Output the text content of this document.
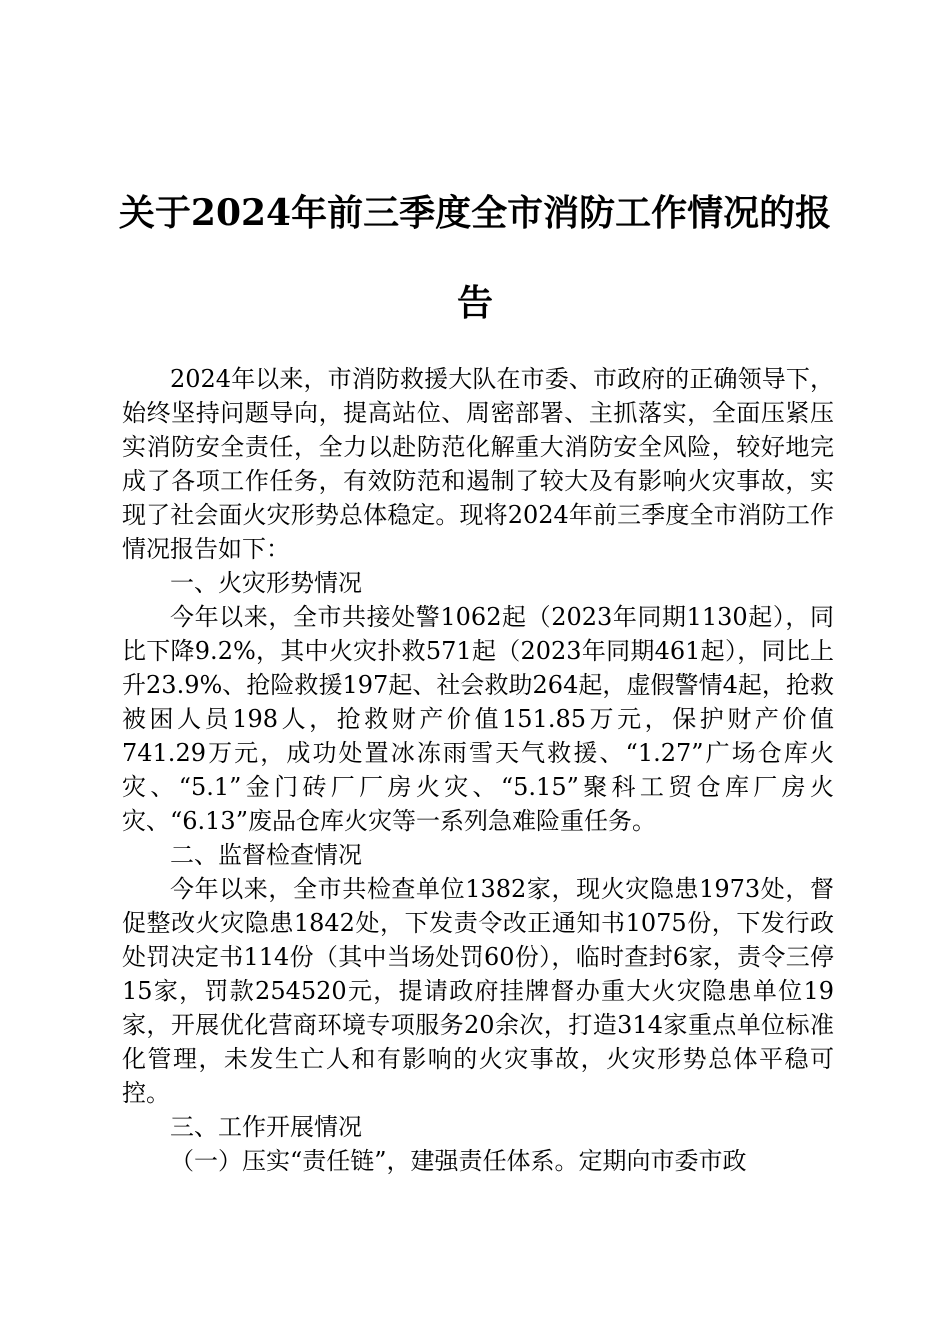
关于2024年前三季度全市消防工作情况的报告

2024年以来，市消防救援大队在市委、市政府的正确领导下，始终坚持问题导向，提高站位、周密部署、主抓落实，全面压紧压实消防安全责任，全力以赴防范化解重大消防安全风险，较好地完成了各项工作任务，有效防范和遏制了较大及有影响火灾事故，实现了社会面火灾形势总体稳定。现将2024年前三季度全市消防工作情况报告如下：

一、火灾形势情况

今年以来，全市共接处警1062起（2023年同期1130起），同比下降9.2%，其中火灾扑救571起（2023年同期461起），同比上升23.9%、抢险救援197起、社会救助264起，虚假警情4起，抢救被困人员198人，抢救财产价值151.85万元，保护财产价值741.29万元，成功处置冰冻雨雪天气救援、“1.27”广场仓库火灾、“5.1”金门砖厂厂房火灾、“5.15”聚科工贸仓库厂房火灾、“6.13”废品仓库火灾等一系列急难险重任务。

二、监督检查情况

今年以来，全市共检查单位1382家，现火灾隐患1973处，督促整改火灾隐患1842处，下发责令改正通知书1075份，下发行政处罚决定书114份（其中当场处罚60份），临时查封6家，责令三停15家，罚款254520元，提请政府挂牌督办重大火灾隐患单位19家，开展优化营商环境专项服务20余次，打造314家重点单位标准化管理，未发生亡人和有影响的火灾事故，火灾形势总体平稳可控。

三、工作开展情况

（一）压实“责任链”，建强责任体系。定期向市委市政
